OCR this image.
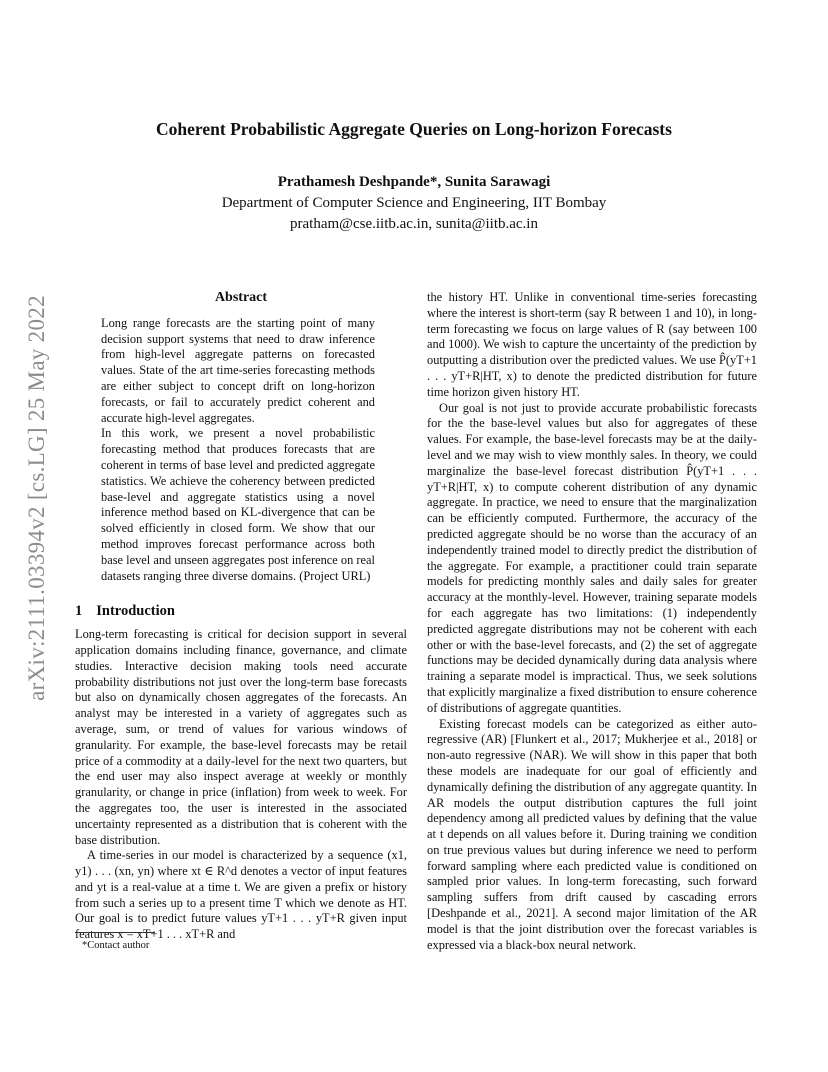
arXiv:2111.03394v2 [cs.LG] 25 May 2022
Coherent Probabilistic Aggregate Queries on Long-horizon Forecasts
Prathamesh Deshpande*, Sunita Sarawagi
Department of Computer Science and Engineering, IIT Bombay
pratham@cse.iitb.ac.in, sunita@iitb.ac.in
Abstract

Long range forecasts are the starting point of many decision support systems that need to draw inference from high-level aggregate patterns on forecasted values. State of the art time-series forecasting methods are either subject to concept drift on long-horizon forecasts, or fail to accurately predict coherent and accurate high-level aggregates.

In this work, we present a novel probabilistic forecasting method that produces forecasts that are coherent in terms of base level and predicted aggregate statistics. We achieve the coherency between predicted base-level and aggregate statistics using a novel inference method based on KL-divergence that can be solved efficiently in closed form. We show that our method improves forecast performance across both base level and unseen aggregates post inference on real datasets ranging three diverse domains. (Project URL)

1 Introduction

Long-term forecasting is critical for decision support in several application domains including finance, governance, and climate studies. Interactive decision making tools need accurate probability distributions not just over the long-term base forecasts but also on dynamically chosen aggregates of the forecasts. An analyst may be interested in a variety of aggregates such as average, sum, or trend of values for various windows of granularity. For example, the base-level forecasts may be retail price of a commodity at a daily-level for the next two quarters, but the end user may also inspect average at weekly or monthly granularity, or change in price (inflation) from week to week. For the aggregates too, the user is interested in the associated uncertainty represented as a distribution that is coherent with the base distribution.

A time-series in our model is characterized by a sequence (x1, y1) . . . (xn, yn) where xt ∈ R^d denotes a vector of input features and yt is a real-value at a time t. We are given a prefix or history from such a series up to a present time T which we denote as HT. Our goal is to predict future values yT+1 . . . yT+R given input features x = xT+1 . . . xT+R and

the history HT. Unlike in conventional time-series forecasting where the interest is short-term (say R between 1 and 10), in long-term forecasting we focus on large values of R (say between 100 and 1000). We wish to capture the uncertainty of the prediction by outputting a distribution over the predicted values. We use P̂(yT+1 . . . yT+R|HT, x) to denote the predicted distribution for future time horizon given history HT.

Our goal is not just to provide accurate probabilistic forecasts for the the base-level values but also for aggregates of these values. For example, the base-level forecasts may be at the daily-level and we may wish to view monthly sales. In theory, we could marginalize the base-level forecast distribution P̂(yT+1 . . . yT+R|HT, x) to compute coherent distribution of any dynamic aggregate. In practice, we need to ensure that the marginalization can be efficiently computed. Furthermore, the accuracy of the predicted aggregate should be no worse than the accuracy of an independently trained model to directly predict the distribution of the aggregate. For example, a practitioner could train separate models for predicting monthly sales and daily sales for greater accuracy at the monthly-level. However, training separate models for each aggregate has two limitations: (1) independently predicted aggregate distributions may not be coherent with each other or with the base-level forecasts, and (2) the set of aggregate functions may be decided dynamically during data analysis where training a separate model is impractical. Thus, we seek solutions that explicitly marginalize a fixed distribution to ensure coherence of distributions of aggregate quantities.

Existing forecast models can be categorized as either auto-regressive (AR) [Flunkert et al., 2017; Mukherjee et al., 2018] or non-auto regressive (NAR). We will show in this paper that both these models are inadequate for our goal of efficiently and dynamically defining the distribution of any aggregate quantity. In AR models the output distribution captures the full joint dependency among all predicted values by defining that the value at t depends on all values before it. During training we condition on true previous values but during inference we need to perform forward sampling where each predicted value is conditioned on sampled prior values. In long-term forecasting, such forward sampling suffers from drift caused by cascading errors [Deshpande et al., 2021]. A second major limitation of the AR model is that the joint distribution over the forecast variables is expressed via a black-box neural network.

*Contact author
